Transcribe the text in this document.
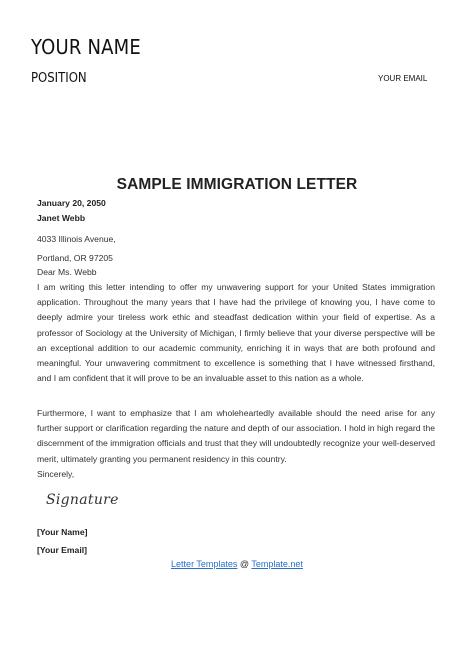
YOUR NAME
POSITION	YOUR EMAIL
SAMPLE IMMIGRATION LETTER
January 20, 2050
Janet Webb
4033 Illinois Avenue,
Portland, OR 97205
Dear Ms. Webb
I am writing this letter intending to offer my unwavering support for your United States immigration application. Throughout the many years that I have had the privilege of knowing you, I have come to deeply admire your tireless work ethic and steadfast dedication within your field of expertise. As a professor of Sociology at the University of Michigan, I firmly believe that your diverse perspective will be an exceptional addition to our academic community, enriching it in ways that are both profound and meaningful. Your unwavering commitment to excellence is something that I have witnessed firsthand, and I am confident that it will prove to be an invaluable asset to this nation as a whole.
Furthermore, I want to emphasize that I am wholeheartedly available should the need arise for any further support or clarification regarding the nature and depth of our association. I hold in high regard the discernment of the immigration officials and trust that they will undoubtedly recognize your well-deserved merit, ultimately granting you permanent residency in this country.
Sincerely,
Signature
[Your Name]
[Your Email]
Letter Templates @ Template.net
